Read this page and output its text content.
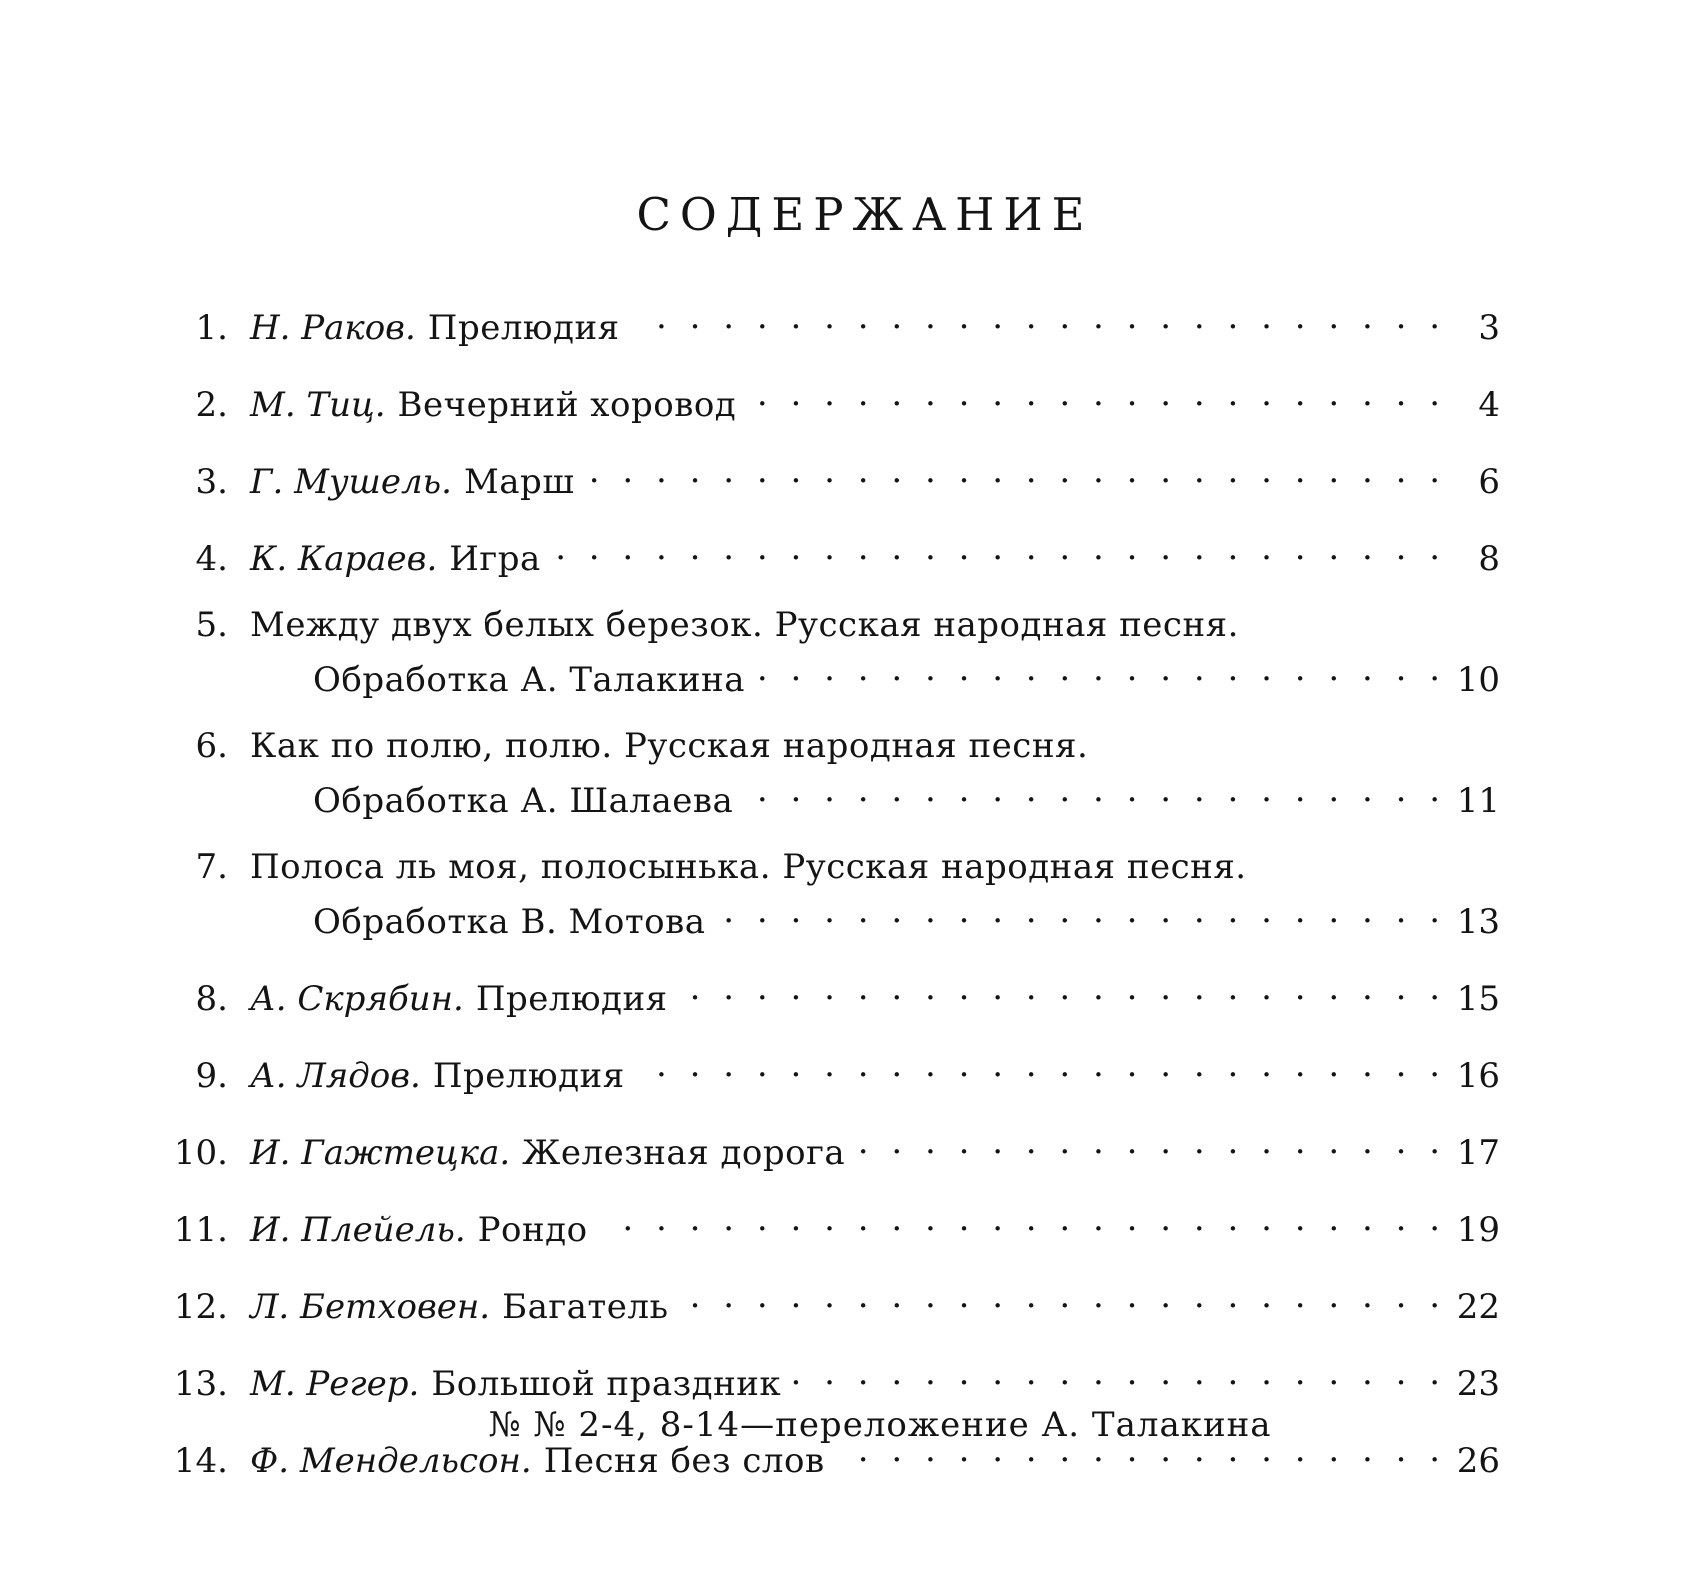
СОДЕРЖАНИЕ
1. Н. Раков. Прелюдия . . .	3
2. М. Тиц. Вечерний хоровод . . .	4
3. Г. Мушель. Марш . . .	6
4. К. Караев. Игра . . .	8
5. Между двух белых березок. Русская народная песня.
Обработка А. Талакина . . .	10
6. Как по полю, полю. Русская народная песня.
Обработка А. Шалаева . . .	11
7. Полоса ль моя, полосынька. Русская народная песня.
Обработка В. Мотова . . .	13
8. А. Скрябин. Прелюдия . . .	15
9. А. Лядов. Прелюдия . . .	16
10. И. Гажтецка. Железная дорога . . .	17
11. И. Плейель. Рондо . . .	19
12. Л. Бетховен. Багатель . . .	22
13. М. Регер. Большой праздник . . .	23
14. Ф. Мендельсон. Песня без слов . . .	26
№ № 2-4, 8-14—переложение А. Талакина
